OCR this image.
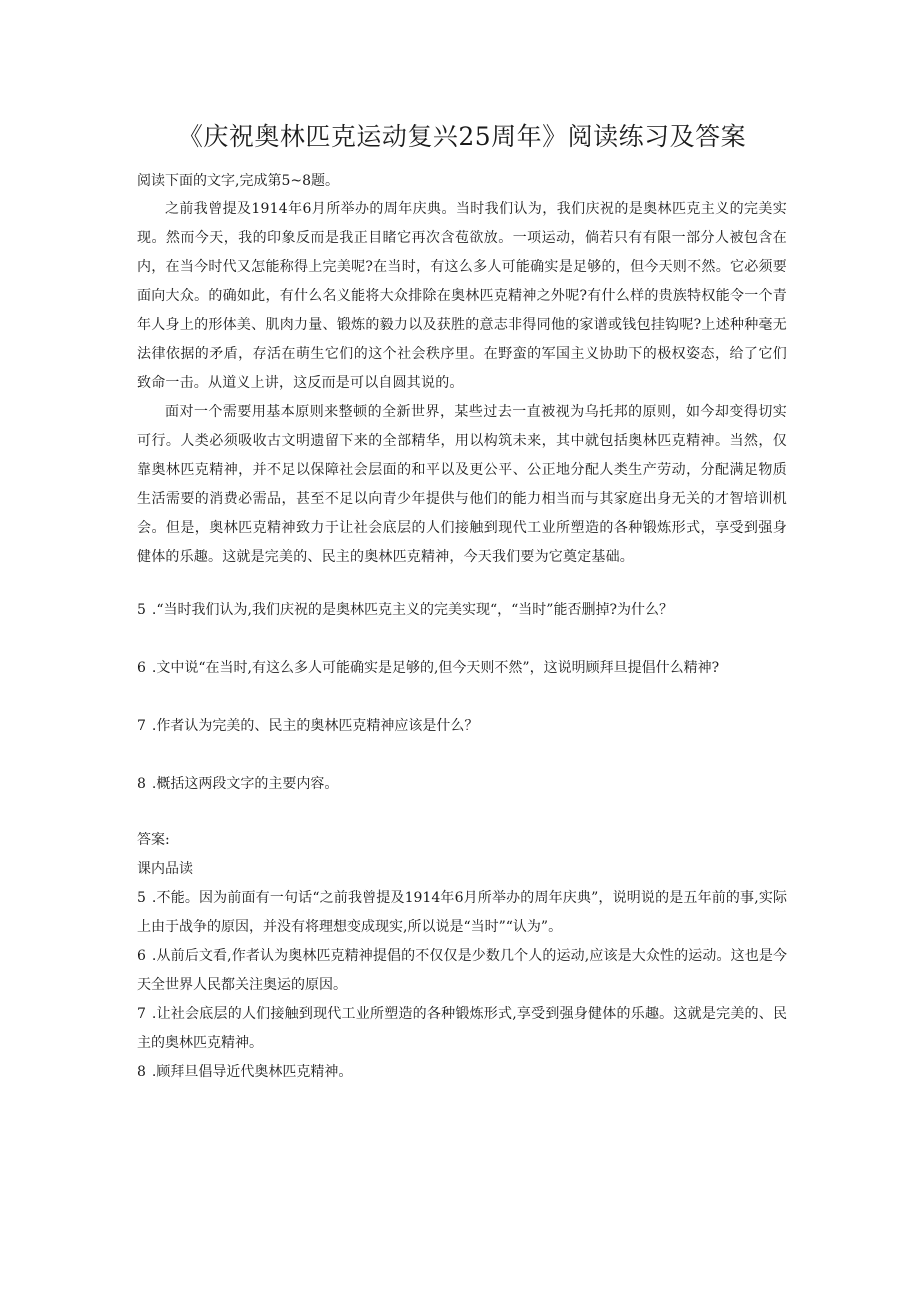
《庆祝奥林匹克运动复兴25周年》阅读练习及答案

阅读下面的文字,完成第5~8题。

之前我曾提及1914年6月所举办的周年庆典。当时我们认为，我们庆祝的是奥林匹克主义的完美实现。然而今天，我的印象反而是我正目睹它再次含苞欲放。一项运动，倘若只有有限一部分人被包含在内，在当今时代又怎能称得上完美呢?在当时，有这么多人可能确实是足够的，但今天则不然。它必须要面向大众。的确如此，有什么名义能将大众排除在奥林匹克精神之外呢?有什么样的贵族特权能令一个青年人身上的形体美、肌肉力量、锻炼的毅力以及获胜的意志非得同他的家谱或钱包挂钩呢?上述种种毫无法律依据的矛盾，存活在萌生它们的这个社会秩序里。在野蛮的军国主义协助下的极权姿态，给了它们致命一击。从道义上讲，这反而是可以自圆其说的。

面对一个需要用基本原则来整顿的全新世界，某些过去一直被视为乌托邦的原则，如今却变得切实可行。人类必须吸收古文明遗留下来的全部精华，用以构筑未来，其中就包括奥林匹克精神。当然，仅靠奥林匹克精神，并不足以保障社会层面的和平以及更公平、公正地分配人类生产劳动，分配满足物质生活需要的消费必需品，甚至不足以向青少年提供与他们的能力相当而与其家庭出身无关的才智培训机会。但是，奥林匹克精神致力于让社会底层的人们接触到现代工业所塑造的各种锻炼形式，享受到强身健体的乐趣。这就是完美的、民主的奥林匹克精神，今天我们要为它奠定基础。

5 .“当时我们认为,我们庆祝的是奥林匹克主义的完美实现“，“当时”能否删掉?为什么？

6 .文中说“在当时,有这么多人可能确实是足够的,但今天则不然”，这说明顾拜旦提倡什么精神?

7 .作者认为完美的、民主的奥林匹克精神应该是什么？

8 .概括这两段文字的主要内容。

答案:

课内品读

5 .不能。因为前面有一句话“之前我曾提及1914年6月所举办的周年庆典”，说明说的是五年前的事,实际上由于战争的原因，并没有将理想变成现实,所以说是“当时”“认为”。

6 .从前后文看,作者认为奥林匹克精神提倡的不仅仅是少数几个人的运动,应该是大众性的运动。这也是今天全世界人民都关注奥运的原因。

7 .让社会底层的人们接触到现代工业所塑造的各种锻炼形式,享受到强身健体的乐趣。这就是完美的、民主的奥林匹克精神。

8 .顾拜旦倡导近代奥林匹克精神。
